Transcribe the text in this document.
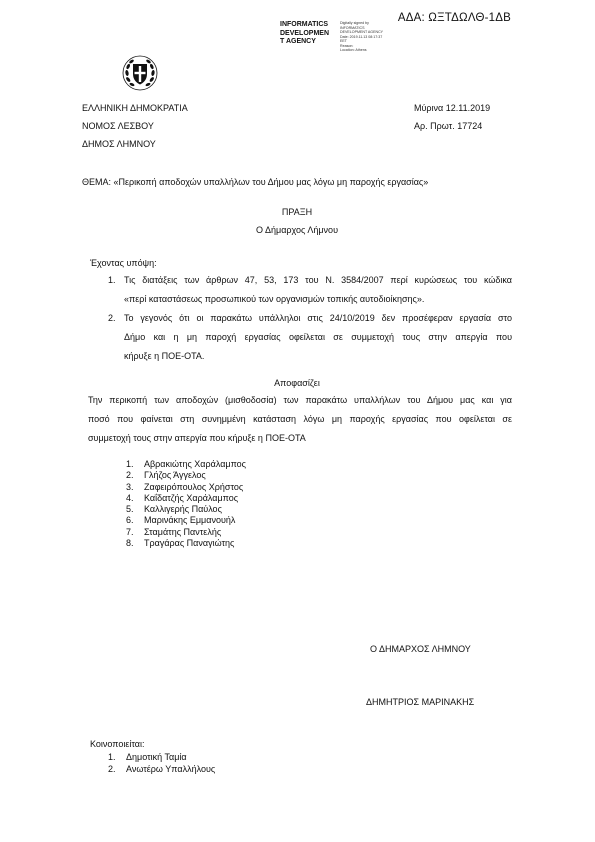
ΑΔΑ: ΩΞΤΔΩΛΘ-1ΔΒ
INFORMATICS
DEVELOPMEN
T AGENCY
Digitally signed by
INFORMATICS
DEVELOPMENT AGENCY
Date: 2019.11.13 08:17:37
EET
Reason:
Location: Athens
ΕΛΛΗΝΙΚΗ ΔΗΜΟΚΡΑΤΙΑ
ΝΟΜΟΣ ΛΕΣΒΟΥ
ΔΗΜΟΣ ΛΗΜΝΟΥ
Μύρινα 12.11.2019
Αρ. Πρωτ. 17724
ΘΕΜΑ: «Περικοπή αποδοχών υπαλλήλων του Δήμου μας λόγω μη παροχής εργασίας»
ΠΡΑΞΗ
Ο Δήμαρχος Λήμνου
Έχοντας υπόψη:
1. Τις διατάξεις των άρθρων 47, 53, 173 του Ν. 3584/2007 περί κυρώσεως του κώδικα
«περί καταστάσεως προσωπικού των οργανισμών τοπικής αυτοδιοίκησης».
2. Το γεγονός ότι οι παρακάτω υπάλληλοι στις 24/10/2019 δεν προσέφεραν εργασία στο
Δήμο και η μη παροχή εργασίας οφείλεται σε συμμετοχή τους στην απεργία που
κήρυξε η ΠΟΕ-ΟΤΑ.
Αποφασίζει
Την περικοπή των αποδοχών (μισθοδοσία) των παρακάτω υπαλλήλων του Δήμου μας και για
ποσό που φαίνεται στη συνημμένη κατάσταση λόγω μη παροχής εργασίας που οφείλεται σε
συμμετοχή τους στην απεργία που κήρυξε η ΠΟΕ-ΟΤΑ
1.	Αβρακιώτης Χαράλαμπος
2.	Γλήζος Άγγελος
3.	Ζαφειρόπουλος Χρήστος
4.	Καΐδατζής Χαράλαμπος
5.	Καλλιγερής Παύλος
6.	Μαρινάκης Εμμανουήλ
7.	Σταμάτης Παντελής
8.	Τραγάρας Παναγιώτης
Ο ΔΗΜΑΡΧΟΣ ΛΗΜΝΟΥ
ΔΗΜΗΤΡΙΟΣ ΜΑΡΙΝΑΚΗΣ
Κοινοποιείται:
1.	Δημοτική Ταμία
2.	Ανωτέρω Υπαλλήλους
